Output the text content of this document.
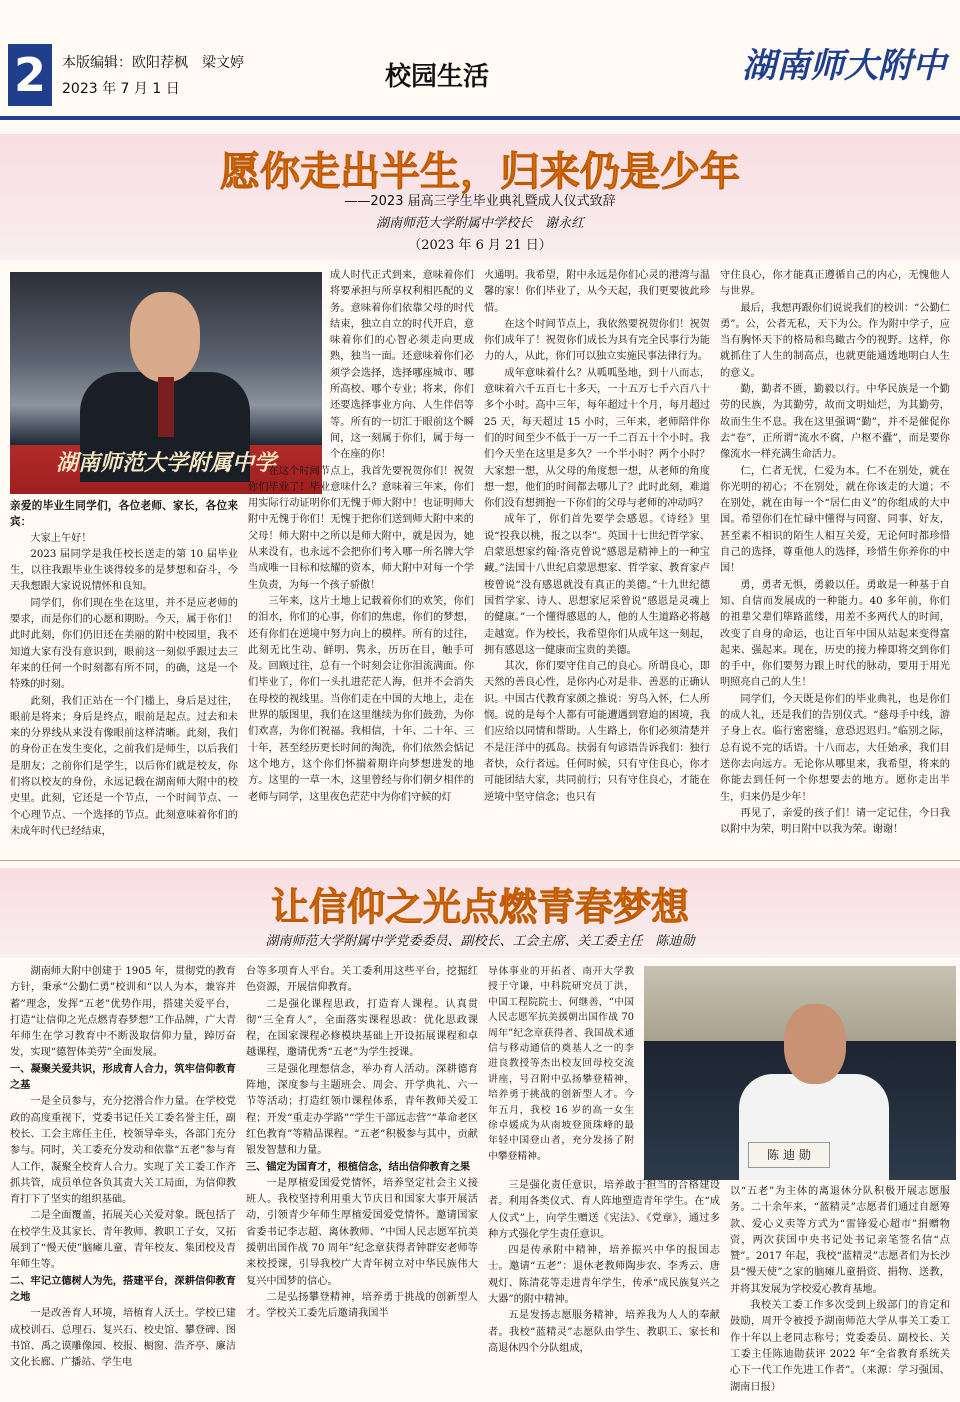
2	本版编辑：欧阳荐枫　梁文婷
2023 年 7 月 1 日	校园生活	湖南师大附中
愿你走出半生，归来仍是少年
——2023 届高三学生毕业典礼暨成人仪式致辞
湖南师范大学附属中学校长　谢永红
（2023 年 6 月 21 日）
湖南师范大学附属中学

亲爱的毕业生同学们，各位老师、家长，各位来宾：

大家上午好！

2023 届同学是我任校长送走的第 10 届毕业生，以往我跟毕业生谈得较多的是梦想和奋斗，今天我想跟大家说说情怀和良知。

同学们，你们现在坐在这里，并不是应老师的要求，而是你们的心愿和期盼。今天，属于你们！此时此刻，你们仍旧还在美丽的附中校园里，我不知道大家有没有意识到，眼前这一刻似乎跟过去三年来的任何一个时刻都有所不同，的确，这是一个特殊的时刻。

此刻，我们正站在一个门槛上，身后是过往，眼前是将来；身后是终点，眼前是起点。过去和未来的分界线从来没有像眼前这样清晰。此刻，我们的身份正在发生变化，之前我们是师生，以后我们是朋友；之前你们是学生，以后你们就是校友，你们将以校友的身份，永远记载在湖南师大附中的校史里。此刻，它还是一个节点，一个时间节点、一个心理节点、一个选择的节点。此刻意味着你们的未成年时代已经结束，

成人时代正式到来，意味着你们将要承担与所享权利相匹配的义务。意味着你们依靠父母的时代结束，独立自立的时代开启，意味着你们的心智必须走向更成熟，独当一面。还意味着你们必须学会选择，选择哪座城市、哪所高校、哪个专业；将来，你们还要选择事业方向、人生伴侣等等。所有的一切汇于眼前这个瞬间，这一刻属于你们，属于每一个在座的你！

在这个时间节点上，我首先要祝贺你们！祝贺你们毕业了！毕业意味什么？意味着三年来，你们用实际行动证明你们无愧于师大附中！也证明师大附中无愧于你们！无愧于把你们送到师大附中来的父母！师大附中之所以是师大附中，就是因为，她从来没有，也永远不会把你们考入哪一所名牌大学当成唯一目标和炫耀的资本，师大附中对每一个学生负责，为每一个孩子骄傲！

三年来，这片土地上记载着你们的欢笑，你们的泪水，你们的心事，你们的焦虑，你们的梦想，还有你们在逆境中努力向上的模样。所有的过往，此刻无比生动、鲜明、隽永，历历在目，触手可及。回顾过往，总有一个时刻会让你泪流满面。你们毕业了，你们一头扎进茫茫人海，但并不会消失在母校的视线里。当你们走在中国的大地上，走在世界的版图里，我们在这里继续为你们鼓劲，为你们欢喜，为你们祝福。我相信，十年、二十年、三十年，甚至经历更长时间的淘洗，你们依然会惦记这个地方，这个你们怀揣着期许向梦想进发的地方。这里的一草一木，这里曾经与你们朝夕相伴的老师与同学，这里夜色茫茫中为你们守候的灯

火通明。我希望，附中永远是你们心灵的港湾与温馨的家！你们毕业了，从今天起，我们更要彼此珍惜。

在这个时间节点上，我依然要祝贺你们！祝贺你们成年了！祝贺你们成长为具有完全民事行为能力的人，从此，你们可以独立实施民事法律行为。

成年意味着什么？从呱呱坠地，到十八而志，意味着六千五百七十多天，一十五万七千六百八十多个小时。高中三年，每年超过十个月，每月超过 25 天，每天超过 15 小时，三年来，老师陪伴你们的时间至少不低于一万一千二百五十个小时。我们今天坐在这里是多久？一个半小时？两个小时？大家想一想，从父母的角度想一想，从老师的角度想一想，他们的时间都去哪儿了？此时此刻，难道你们没有想拥抱一下你们的父母与老师的冲动吗？

成年了，你们首先要学会感恩。《诗经》里说“投我以桃，报之以李”。英国十七世纪哲学家、启蒙思想家约翰·洛克曾说“感恩是精神上的一种宝藏。”法国十八世纪启蒙思想家、哲学家、教育家卢梭曾说“没有感恩就没有真正的美德。”十九世纪德国哲学家、诗人、思想家尼采曾说“感恩是灵魂上的健康。”一个懂得感恩的人，他的人生道路必将越走越宽。作为校长，我希望你们从成年这一刻起，拥有感恩这一健康而宝贵的美德。

其次，你们要守住自己的良心。所谓良心，即天然的善良心性，是你内心对是非、善恶的正确认识。中国古代教育家颜之推说：穷鸟入怀，仁人所悯。说的是每个人都有可能遭遇到窘迫的困境，我们应给以同情和帮助。人生路上，你们必须清楚并不是汪洋中的孤岛。扶弱有句谚语告诉我们：独行者快，众行者远。任何时候，只有守住良心，你才可能团结大家，共同前行；只有守住良心，才能在逆境中坚守信念；也只有

守住良心，你才能真正遵循自己的内心，无愧他人与世界。

最后，我想再跟你们说说我们的校训：“公勤仁勇”。公，公者无私，天下为公。作为附中学子，应当有胸怀天下的格局和鸟瞰古今的视野。这样，你就抓住了人生的制高点，也就更能通透地明白人生的意义。

勤，勤者不匮，勤毅以行。中华民族是一个勤劳的民族，为其勤劳，故而文明灿烂，为其勤劳，故而生生不息。我在这里强调“勤”，并不是催促你去“卷”，正所谓“流水不腐，户枢不蠹”，而是要你像流水一样充满生命活力。

仁，仁者无忧，仁爱为本。仁不在别处，就在你光明的初心；不在别处，就在你该走的大道；不在别处，就在由每一个“居仁由义”的你组成的大中国。希望你们在忙碌中懂得与同窗、同事、好友，甚至素不相识的陌生人相互关爱，无论何时都珍惜自己的选择，尊重他人的选择，珍惜生你养你的中国！

勇，勇者无惧，勇毅以任。勇敢是一种基于自知、自信而发展成的一种能力。40 多年前，你们的祖辈父辈们筚路蓝缕，用差不多两代人的时间，改变了自身的命运，也让百年中国从站起来变得富起来、强起来。现在，历史的接力棒即将交到你们的手中，你们要努力跟上时代的脉动，要用于用光明照亮自己的人生！

同学们，今天既是你们的毕业典礼，也是你们的成人礼，还是我们的告别仪式。“慈母手中线，游子身上衣。临行密密缝，意恐迟迟归。”临别之际，总有说不完的话语。十八而志，大任始承，我们目送你去向远方。无论你从哪里来，我希望，将来的你能去到任何一个你想要去的地方。愿你走出半生，归来仍是少年！

再见了，亲爱的孩子们！请一定记住，今日我以附中为荣，明日附中以我为荣。谢谢！

让信仰之光点燃青春梦想
湖南师范大学附属中学党委委员、副校长、工会主席、关工委主任　陈迪勋

湖南师大附中创建于 1905 年，贯彻党的教育方针，秉承“公勤仁勇”校训和“以人为本，兼容并蓄”理念，发挥“五老”优势作用，搭建关爱平台，打造“让信仰之光点燃青春梦想”工作品牌，广大青年师生在学习教育中不断汲取信仰力量，踔厉奋发，实现“德智体美劳”全面发展。

一、凝聚关爱共识，形成育人合力，筑牢信仰教育之基

一是全员参与，充分挖潜合作力量。在学校党政的高度重视下，党委书记任关工委名誉主任，副校长、工会主席任主任，校领导牵头，各部门充分参与。同时，关工委充分发动和依靠“五老”参与育人工作，凝聚全校育人合力。实现了关工委工作齐抓共管，成员单位各负其责大关工局面，为信仰教育打下了坚实的组织基础。

二是全面覆盖，拓展关心关爱对象。既包括了在校学生及其家长、青年教师、教职工子女，又拓展到了“慢天使”脑瘫儿童、青年校友、集团校及青年师生等。

二、牢记立德树人为先，搭建平台，深耕信仰教育之地

一是改善育人环境，培植育人沃土。学校已建成校训石、总理石、复兴石、校史馆、攀登碑、图书馆、禹之谟雕像园、校报、橱窗、浩齐亭、廉洁文化长廊、广播站、学生电

台等多项育人平台。关工委利用这些平台，挖掘红色资源，开展信仰教育。

二是强化课程思政，打造育人课程。认真贯彻“三全育人”，全面落实课程思政：优化思政课程，在国家课程必修模块基础上开设拓展课程和卓越课程，邀请优秀“五老”为学生授课。

三是强化理想信念，举办育人活动。深耕德育阵地，深度参与主题班会、周会、开学典礼、六一节等活动；打造红领巾课程体系，青年教师关爱工程；开发“重走办学路”“学生干部远志营”“革命老区红色教育”等精品课程。“五老”积极参与其中，贡献银发智慧和力量。

三、锚定为国育才，根植信念，结出信仰教育之果

一是厚植爱国爱党情怀，培养坚定社会主义接班人。我校坚持利用重大节庆日和国家大事开展活动，引领青少年师生厚植爱国爱党情怀。邀请国家省委书记李志超、离休教师、“中国人民志愿军抗美援朝出国作战 70 周年”纪念章获得者钟群安老师等来校授课，引导我校广大青年树立对中华民族伟大复兴中国梦的信心。

二是弘扬攀登精神，培养勇于挑战的创新型人才。学校关工委先后邀请我国半

导体事业的开拓者、南开大学教授于守谦，中科院研究员丁洪，中国工程院院士、何继善，“中国人民志愿军抗美援朝出国作战 70 周年”纪念章获得者、我国战术通信与移动通信的奠基人之一的李进良教授等杰出校友回母校交流讲座，号召附中弘扬攀登精神，培养勇于挑战的创新型人才。今年五月，我校 16 岁的高一女生徐卓媛成为从南坡登顶珠峰的最年轻中国登山者，充分发扬了附中攀登精神。

三是强化责任意识，培养敢于担当的合格建设者。利用各类仪式、育人阵地塑造青年学生。在“成人仪式”上，向学生赠送《宪法》、《党章》，通过多种方式强化学生责任意识。

四是传承附中精神，培养振兴中华的报国志士。邀请“五老”：退休老教师陶步农、李秀云、唐观灯、陈清花等走进青年学生，传承“成民族复兴之大器”的附中精神。

五是发扬志愿服务精神，培养我为人人的奉献者。我校“蓝精灵”志愿队由学生、教职工、家长和高退休四个分队组成，

陈 迪 勋

以“五老”为主体的离退休分队积极开展志愿服务。二十余年来，“蓝精灵”志愿者们通过自愿筹款、爱心义卖等方式为“雷锋爱心超市”捐赠物资，两次获国中央书记处书记亲笔签名信“点赞”。2017 年起，我校“蓝精灵”志愿者们为长沙县“慢天使”之家的脑瘫儿童捐资、捐物、送教，并将其发展为学校爱心教育基地。

我校关工委工作多次受到上级部门的肯定和鼓励，周开令被授予湖南师范大学从事关工委工作十年以上老同志称号；党委委员、副校长、关工委主任陈迪勋获评 2022 年“全省教育系统关心下一代工作先进工作者”。（来源：学习强国、湖南日报）
